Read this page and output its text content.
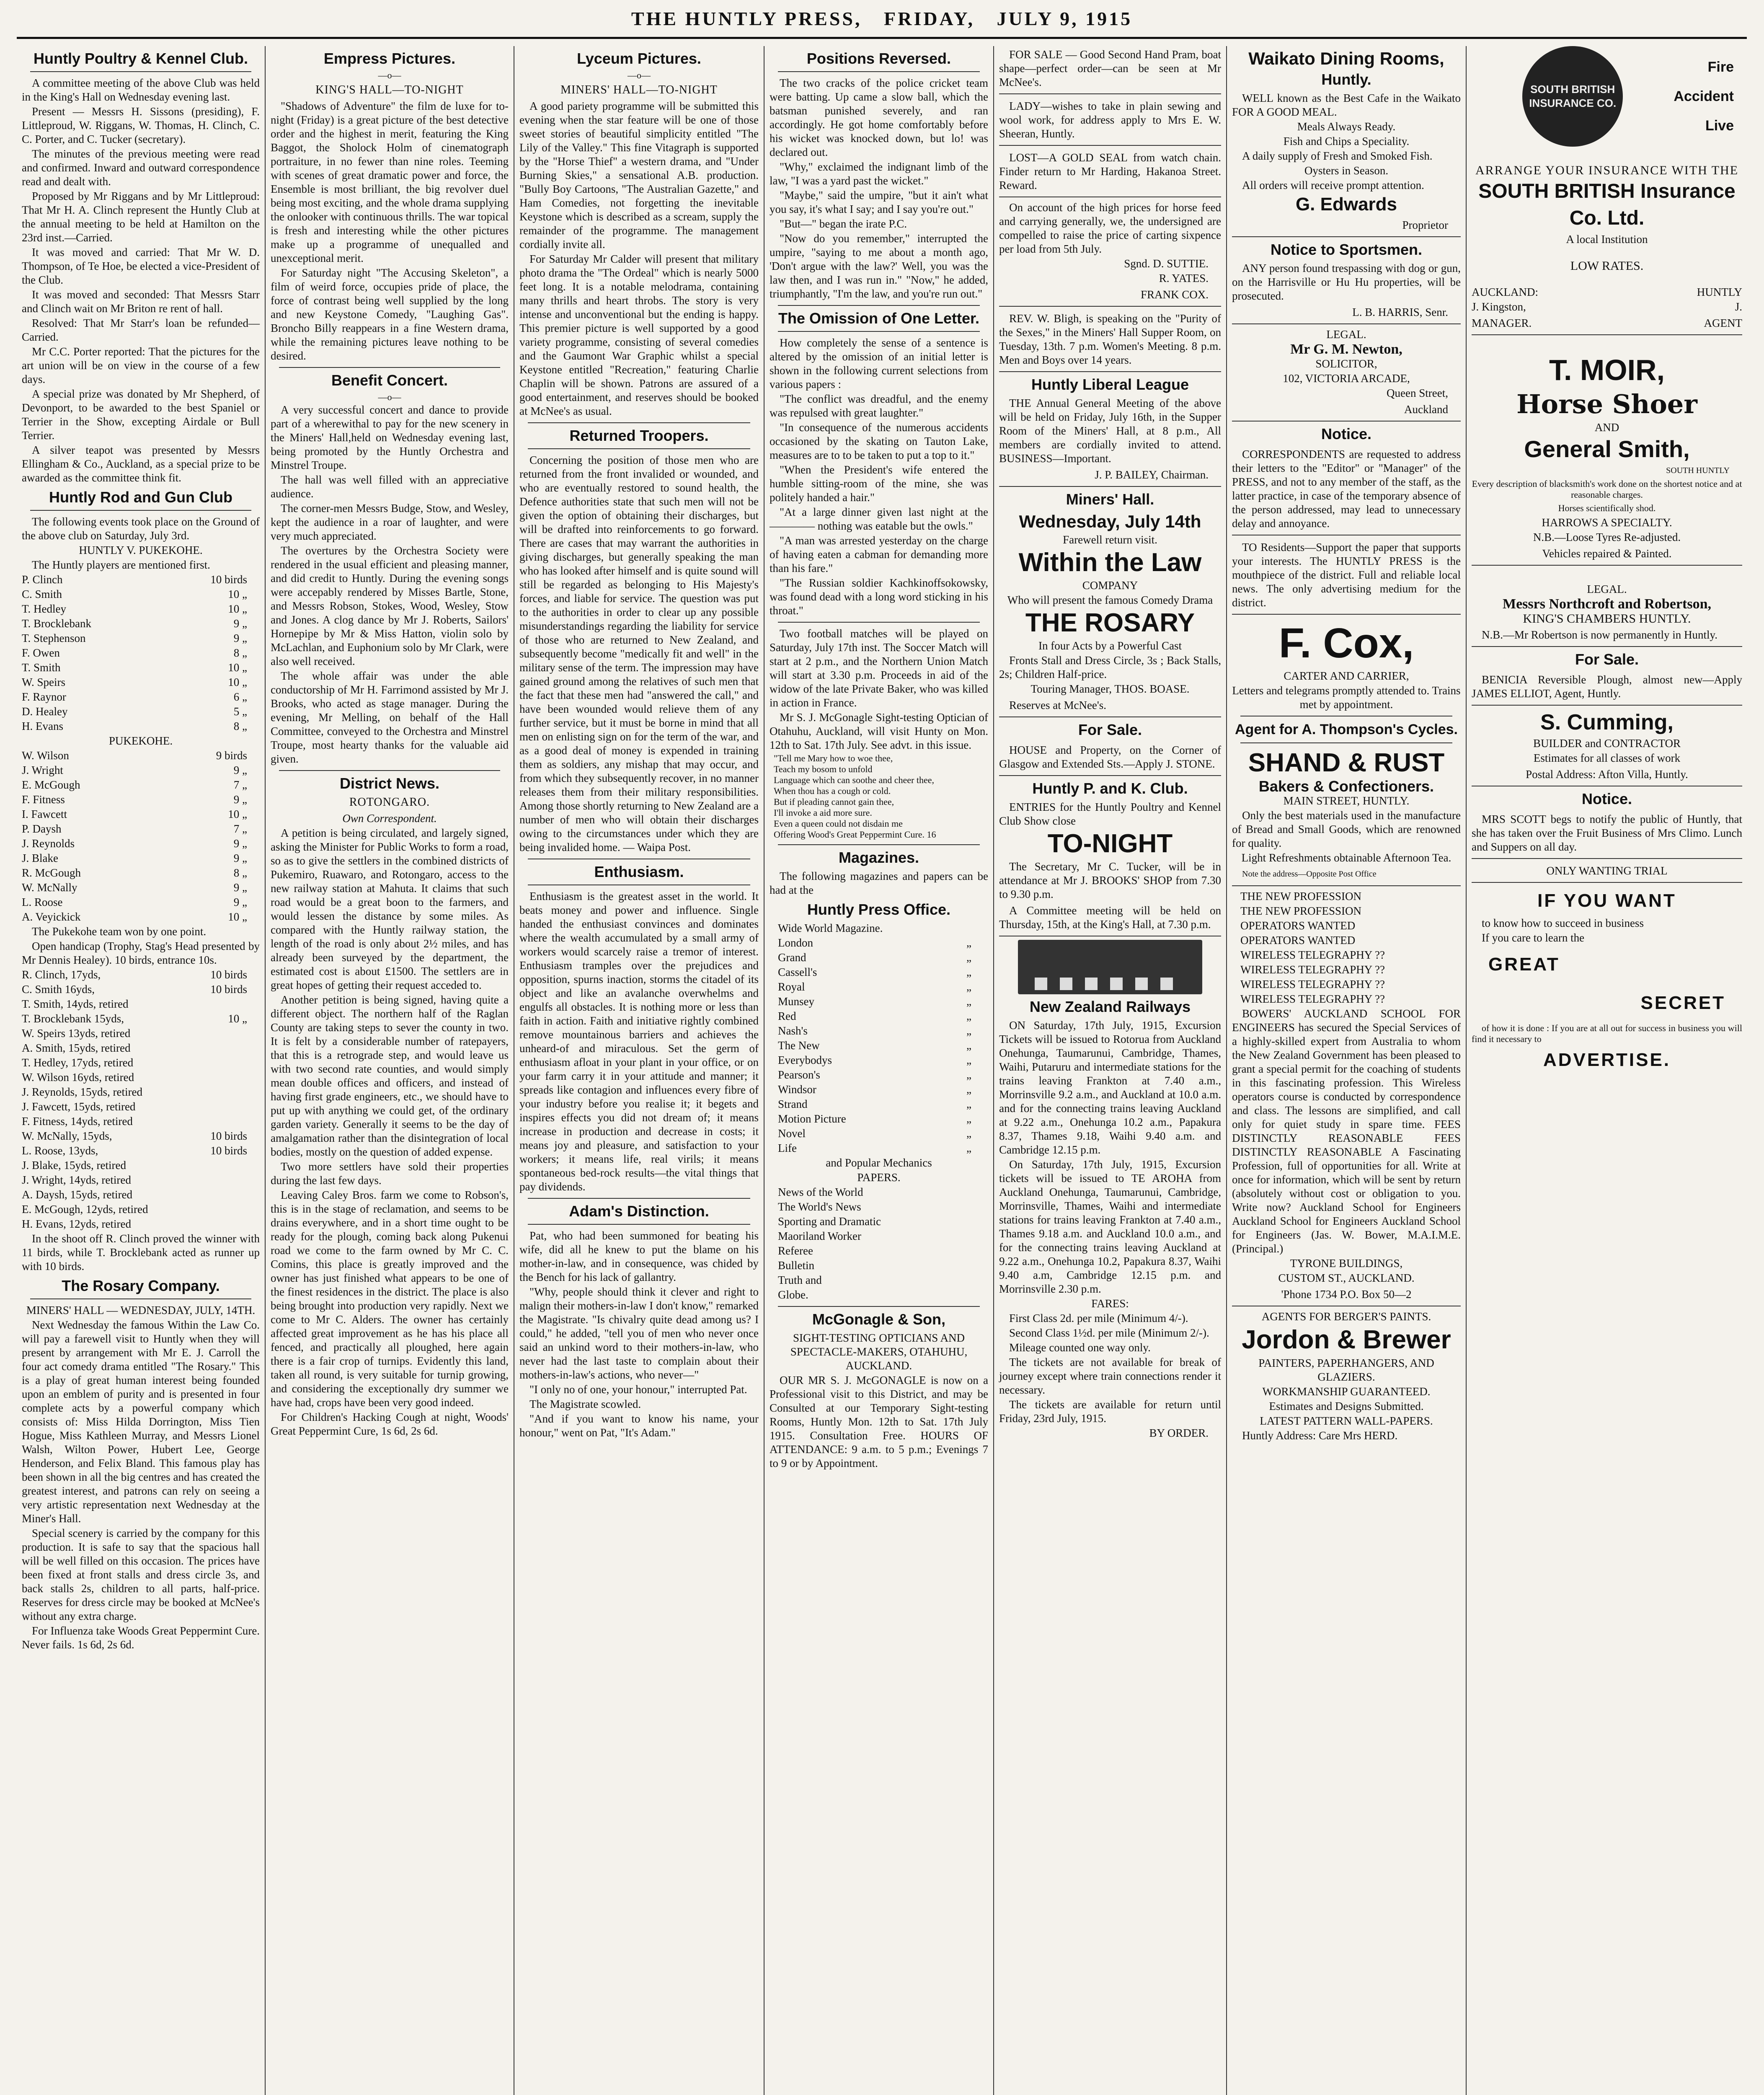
THE HUNTLY PRESS, FRIDAY, JULY 9, 1915
Huntly Poultry & Kennel Club.

A committee meeting of the above Club was held in the King's Hall on Wednesday evening last.

Present — Messrs H. Sissons (presiding), F. Littleproud, W. Riggans, W. Thomas, H. Clinch, C. C. Porter, and C. Tucker (secretary).

The minutes of the previous meeting were read and confirmed. Inward and outward correspondence read and dealt with.

Proposed by Mr Riggans and by Mr Littleproud: That Mr H. A. Clinch represent the Huntly Club at the annual meeting to be held at Hamilton on the 23rd inst.—Carried.

It was moved and carried: That Mr W. D. Thompson, of Te Hoe, be elected a vice-President of the Club.

It was moved and seconded: That Messrs Starr and Clinch wait on Mr Briton re rent of hall.

Resolved: That Mr Starr's loan be refunded—Carried.

Mr C.C. Porter reported: That the pictures for the art union will be on view in the course of a few days.

A special prize was donated by Mr Shepherd, of Devonport, to be awarded to the best Spaniel or Terrier in the Show, excepting Airdale or Bull Terrier.

A silver teapot was presented by Messrs Ellingham & Co., Auckland, as a special prize to be awarded as the committee think fit.

Huntly Rod and Gun Club

The following events took place on the Ground of the above club on Saturday, July 3rd.

HUNTLY V. PUKEKOHE.

The Huntly players are mentioned first.

P. Clinch	10 birds

C. Smith	10 „

T. Hedley	10 „

T. Brocklebank	9 „

T. Stephenson	9 „

F. Owen	8 „

T. Smith	10 „

W. Speirs	10 „

F. Raynor	6 „

D. Healey	5 „

H. Evans	8 „

PUKEKOHE.

W. Wilson	9 birds

J. Wright	9 „

E. McGough	7 „

F. Fitness	9 „

I. Fawcett	10 „

P. Daysh	7 „

J. Reynolds	9 „

J. Blake	9 „

R. McGough	8 „

W. McNally	9 „

L. Roose	9 „

A. Veyickick	10 „

The Pukekohe team won by one point.

Open handicap (Trophy, Stag's Head presented by Mr Dennis Healey). 10 birds, entrance 10s.

R. Clinch, 17yds,	10 birds

C. Smith 16yds,	10 birds

T. Smith, 14yds, retired

T. Brocklebank 15yds,	10 „

W. Speirs 13yds, retired

A. Smith, 15yds, retired

T. Hedley, 17yds, retired

W. Wilson 16yds, retired

J. Reynolds, 15yds, retired

J. Fawcett, 15yds, retired

F. Fitness, 14yds, retired

W. McNally, 15yds,	10 birds

L. Roose, 13yds,	10 birds

J. Blake, 15yds, retired

J. Wright, 14yds, retired

A. Daysh, 15yds, retired

E. McGough, 12yds, retired

H. Evans, 12yds, retired

In the shoot off R. Clinch proved the winner with 11 birds, while T. Brocklebank acted as runner up with 10 birds.

The Rosary Company.

MINERS' HALL — WEDNESDAY, JULY, 14TH.

Next Wednesday the famous Within the Law Co. will pay a farewell visit to Huntly when they will present by arrangement with Mr E. J. Carroll the four act comedy drama entitled "The Rosary." This is a play of great human interest being founded upon an emblem of purity and is presented in four complete acts by a powerful company which consists of: Miss Hilda Dorrington, Miss Tien Hogue, Miss Kathleen Murray, and Messrs Lionel Walsh, Wilton Power, Hubert Lee, George Henderson, and Felix Bland. This famous play has been shown in all the big centres and has created the greatest interest, and patrons can rely on seeing a very artistic representation next Wednesday at the Miner's Hall.

Special scenery is carried by the company for this production. It is safe to say that the spacious hall will be well filled on this occasion. The prices have been fixed at front stalls and dress circle 3s, and back stalls 2s, children to all parts, half-price. Reserves for dress circle may be booked at McNee's without any extra charge.

For Influenza take Woods Great Peppermint Cure. Never fails. 1s 6d, 2s 6d.

Empress Pictures.
—o—
KING'S HALL—TO-NIGHT

"Shadows of Adventure" the film de luxe for to-night (Friday) is a great picture of the best detective order and the highest in merit, featuring the King Baggot, the Sholock Holm of cinematograph portraiture, in no fewer than nine roles. Teeming with scenes of great dramatic power and force, the Ensemble is most brilliant, the big revolver duel being most exciting, and the whole drama supplying the onlooker with continuous thrills. The war topical is fresh and interesting while the other pictures make up a programme of unequalled and unexceptional merit.

For Saturday night "The Accusing Skeleton", a film of weird force, occupies pride of place, the force of contrast being well supplied by the long and new Keystone Comedy, "Laughing Gas". Broncho Billy reappears in a fine Western drama, while the remaining pictures leave nothing to be desired.

Benefit Concert.
—o—

A very successful concert and dance to provide part of a wherewithal to pay for the new scenery in the Miners' Hall,held on Wednesday evening last, being promoted by the Huntly Orchestra and Minstrel Troupe.

The hall was well filled with an appreciative audience.

The corner-men Messrs Budge, Stow, and Wesley, kept the audience in a roar of laughter, and were very much appreciated.

The overtures by the Orchestra Society were rendered in the usual efficient and pleasing manner, and did credit to Huntly. During the evening songs were accepably rendered by Misses Bartle, Stone, and Messrs Robson, Stokes, Wood, Wesley, Stow and Jones. A clog dance by Mr J. Roberts, Sailors' Hornepipe by Mr & Miss Hatton, violin solo by McLachlan, and Euphonium solo by Mr Clark, were also well received.

The whole affair was under the able conductorship of Mr H. Farrimond assisted by Mr J. Brooks, who acted as stage manager. During the evening, Mr Melling, on behalf of the Hall Committee, conveyed to the Orchestra and Minstrel Troupe, most hearty thanks for the valuable aid given.

District News.
ROTONGARO.

Own Correspondent.

A petition is being circulated, and largely signed, asking the Minister for Public Works to form a road, so as to give the settlers in the combined districts of Pukemiro, Ruawaro, and Rotongaro, access to the new railway station at Mahuta. It claims that such road would be a great boon to the farmers, and would lessen the distance by some miles. As compared with the Huntly railway station, the length of the road is only about 2½ miles, and has already been surveyed by the department, the estimated cost is about £1500. The settlers are in great hopes of getting their request acceded to.

Another petition is being signed, having quite a different object. The northern half of the Raglan County are taking steps to sever the county in two. It is felt by a considerable number of ratepayers, that this is a retrograde step, and would leave us with two second rate counties, and would simply mean double offices and officers, and instead of having first grade engineers, etc., we should have to put up with anything we could get, of the ordinary garden variety. Generally it seems to be the day of amalgamation rather than the disintegration of local bodies, mostly on the question of added expense.

Two more settlers have sold their properties during the last few days.

Leaving Caley Bros. farm we come to Robson's, this is in the stage of reclamation, and seems to be drains everywhere, and in a short time ought to be ready for the plough, coming back along Pukenui road we come to the farm owned by Mr C. C. Comins, this place is greatly improved and the owner has just finished what appears to be one of the finest residences in the district. The place is also being brought into production very rapidly. Next we come to Mr C. Alders. The owner has certainly affected great improvement as he has his place all fenced, and practically all ploughed, here again there is a fair crop of turnips. Evidently this land, taken all round, is very suitable for turnip growing, and considering the exceptionally dry summer we have had, crops have been very good indeed.

For Children's Hacking Cough at night, Woods' Great Peppermint Cure, 1s 6d, 2s 6d.

Lyceum Pictures.
—o—
MINERS' HALL—TO-NIGHT

A good pariety programme will be submitted this evening when the star feature will be one of those sweet stories of beautiful simplicity entitled "The Lily of the Valley." This fine Vitagraph is supported by the "Horse Thief" a western drama, and "Under Burning Skies," a sensational A.B. production. "Bully Boy Cartoons, "The Australian Gazette," and Ham Comedies, not forgetting the inevitable Keystone which is described as a scream, supply the remainder of the programme. The management cordially invite all.

For Saturday Mr Calder will present that military photo drama the "The Ordeal" which is nearly 5000 feet long. It is a notable melodrama, containing many thrills and heart throbs. The story is very intense and unconventional but the ending is happy. This premier picture is well supported by a good variety programme, consisting of several comedies and the Gaumont War Graphic whilst a special Keystone entitled "Recreation," featuring Charlie Chaplin will be shown. Patrons are assured of a good entertainment, and reserves should be booked at McNee's as usual.

Returned Troopers.

Concerning the position of those men who are returned from the front invalided or wounded, and who are eventually restored to sound health, the Defence authorities state that such men will not be given the option of obtaining their discharges, but will be drafted into reinforcements to go forward. There are cases that may warrant the authorities in giving discharges, but generally speaking the man who has looked after himself and is quite sound will still be regarded as belonging to His Majesty's forces, and liable for service. The question was put to the authorities in order to clear up any possible misunderstandings regarding the liability for service of those who are returned to New Zealand, and subsequently become "medically fit and well" in the military sense of the term. The impression may have gained ground among the relatives of such men that the fact that these men had "answered the call," and have been wounded would relieve them of any further service, but it must be borne in mind that all men on enlisting sign on for the term of the war, and as a good deal of money is expended in training them as soldiers, any mishap that may occur, and from which they subsequently recover, in no manner releases them from their military responsibilities. Among those shortly returning to New Zealand are a number of men who will obtain their discharges owing to the circumstances under which they are being invalided home. — Waipa Post.

Enthusiasm.

Enthusiasm is the greatest asset in the world. It beats money and power and influence. Single handed the enthusiast convinces and dominates where the wealth accumulated by a small army of workers would scarcely raise a tremor of interest. Enthusiasm tramples over the prejudices and opposition, spurns inaction, storms the citadel of its object and like an avalanche overwhelms and engulfs all obstacles. It is nothing more or less than faith in action. Faith and initiative rightly combined remove mountainous barriers and achieves the unheard-of and miraculous. Set the germ of enthusiasm afloat in your plant in your office, or on your farm carry it in your attitude and manner; it spreads like contagion and influences every fibre of your industry before you realise it; it begets and inspires effects you did not dream of; it means increase in production and decrease in costs; it means joy and pleasure, and satisfaction to your workers; it means life, real virils; it means spontaneous bed-rock results—the vital things that pay dividends.

Adam's Distinction.

Pat, who had been summoned for beating his wife, did all he knew to put the blame on his mother-in-law, and in consequence, was chided by the Bench for his lack of gallantry.

"Why, people should think it clever and right to malign their mothers-in-law I don't know," remarked the Magistrate. "Is chivalry quite dead among us? I could," he added, "tell you of men who never once said an unkind word to their mothers-in-law, who never had the last taste to complain about their mothers-in-law's actions, who never—"

"I only no of one, your honour," interrupted Pat.

The Magistrate scowled.

"And if you want to know his name, your honour," went on Pat, "It's Adam."

Positions Reversed.

The two cracks of the police cricket team were batting. Up came a slow ball, which the batsman punished severely, and ran accordingly. He got home comfortably before his wicket was knocked down, but lo! was declared out.

"Why," exclaimed the indignant limb of the law, "I was a yard past the wicket."

"Maybe," said the umpire, "but it ain't what you say, it's what I say; and I say you're out."

"But—" began the irate P.C.

"Now do you remember," interrupted the umpire, "saying to me about a month ago, 'Don't argue with the law?' Well, you was the law then, and I was run in." "Now," he added, triumphantly, "I'm the law, and you're run out."

The Omission of One Letter.

How completely the sense of a sentence is altered by the omission of an initial letter is shown in the following current selections from various papers :

"The conflict was dreadful, and the enemy was repulsed with great laughter."

"In consequence of the numerous accidents occasioned by the skating on Tauton Lake, measures are to to be taken to put a top to it."

"When the President's wife entered the humble sitting-room of the mine, she was politely handed a hair."

"At a large dinner given last night at the ———— nothing was eatable but the owls."

"A man was arrested yesterday on the charge of having eaten a cabman for demanding more than his fare."

"The Russian soldier Kachkinoffsokowsky, was found dead with a long word sticking in his throat."

Two football matches will be played on Saturday, July 17th inst. The Soccer Match will start at 2 p.m., and the Northern Union Match will start at 3.30 p.m. Proceeds in aid of the widow of the late Private Baker, who was killed in action in France.

Mr S. J. McGonagle Sight-testing Optician of Otahuhu, Auckland, will visit Hunty on Mon. 12th to Sat. 17th July. See advt. in this issue.

"Tell me Mary how to woe thee,
Teach my bosom to unfold
Language which can soothe and cheer thee,
When thou has a cough or cold.
But if pleading cannot gain thee,
I'll invoke a aid more sure.
Even a queen could not disdain me
Offering Wood's Great Peppermint Cure. 16
Magazines.

The following magazines and papers can be had at the

Huntly Press Office.

Wide World Magazine.

London	„

Grand	„

Cassell's	„

Royal	„

Munsey	„

Red	„

Nash's	„

The New	„

Everybodys	„

Pearson's	„

Windsor	„

Strand	„

Motion Picture	„

Novel	„

Life	„

and Popular Mechanics

PAPERS.

News of the World

The World's News

Sporting and Dramatic

Maoriland Worker

Referee

Bulletin

Truth and

Globe.

McGonagle & Son,

SIGHT-TESTING OPTICIANS AND SPECTACLE-MAKERS, OTAHUHU, AUCKLAND.

OUR MR S. J. McGONAGLE is now on a Professional visit to this District, and may be Consulted at our Temporary Sight-testing Rooms, Huntly Mon. 12th to Sat. 17th July 1915. Consultation Free. HOURS OF ATTENDANCE: 9 a.m. to 5 p.m.; Evenings 7 to 9 or by Appointment.

FOR SALE — Good Second Hand Pram, boat shape—perfect order—can be seen at Mr McNee's.

LADY—wishes to take in plain sewing and wool work, for address apply to Mrs E. W. Sheeran, Huntly.

LOST—A GOLD SEAL from watch chain. Finder return to Mr Harding, Hakanoa Street. Reward.

On account of the high prices for horse feed and carrying generally, we, the undersigned are compelled to raise the price of carting sixpence per load from 5th July.

Sgnd. D. SUTTIE.

R. YATES.

FRANK COX.

REV. W. Bligh, is speaking on the "Purity of the Sexes," in the Miners' Hall Supper Room, on Tuesday, 13th. 7 p.m. Women's Meeting. 8 p.m. Men and Boys over 14 years.

Huntly Liberal League

THE Annual General Meeting of the above will be held on Friday, July 16th, in the Supper Room of the Miners' Hall, at 8 p.m., All members are cordially invited to attend. BUSINESS—Important.

J. P. BAILEY, Chairman.

Miners' Hall.

Wednesday, July 14th

Farewell return visit.

Within the Law

COMPANY

Who will present the famous Comedy Drama

THE ROSARY

In four Acts by a Powerful Cast

Fronts Stall and Dress Circle, 3s ; Back Stalls, 2s; Children Half-price.

Touring Manager, THOS. BOASE.

Reserves at McNee's.

For Sale.

HOUSE and Property, on the Corner of Glasgow and Extended Sts.—Apply J. STONE.

Huntly P. and K. Club.

ENTRIES for the Huntly Poultry and Kennel Club Show close

TO-NIGHT

The Secretary, Mr C. Tucker, will be in attendance at Mr J. BROOKS' SHOP from 7.30 to 9.30 p.m.

A Committee meeting will be held on Thursday, 15th, at the King's Hall, at 7.30 p.m.

New Zealand Railways

ON Saturday, 17th July, 1915, Excursion Tickets will be issued to Rotorua from Auckland Onehunga, Taumarunui, Cambridge, Thames, Waihi, Putaruru and intermediate stations for the trains leaving Frankton at 7.40 a.m., Morrinsville 9.2 a.m., and Auckland at 10.0 a.m. and for the connecting trains leaving Auckland at 9.22 a.m., Onehunga 10.2 a.m., Papakura 8.37, Thames 9.18, Waihi 9.40 a.m. and Cambridge 12.15 p.m.

On Saturday, 17th July, 1915, Excursion tickets will be issued to TE AROHA from Auckland Onehunga, Taumarunui, Cambridge, Morrinsville, Thames, Waihi and intermediate stations for trains leaving Frankton at 7.40 a.m., Thames 9.18 a.m. and Auckland 10.0 a.m., and for the connecting trains leaving Auckland at 9.22 a.m., Onehunga 10.2, Papakura 8.37, Waihi 9.40 a.m, Cambridge 12.15 p.m. and Morrinsville 2.30 p.m.

FARES:

First Class 2d. per mile (Minimum 4/-).

Second Class 1½d. per mile (Minimum 2/-).

Mileage counted one way only.

The tickets are not available for break of journey except where train connections render it necessary.

The tickets are available for return until Friday, 23rd July, 1915.

BY ORDER.

Waikato Dining Rooms,
Huntly.

WELL known as the Best Cafe in the Waikato FOR A GOOD MEAL.

Meals Always Ready.

Fish and Chips a Speciality.

A daily supply of Fresh and Smoked Fish.

Oysters in Season.

All orders will receive prompt attention.

G. Edwards

Proprietor

Notice to Sportsmen.

ANY person found trespassing with dog or gun, on the Harrisville or Hu Hu properties, will be prosecuted.

L. B. HARRIS, Senr.

LEGAL.

Mr G. M. Newton,

SOLICITOR,

102, VICTORIA ARCADE,

Queen Street,

Auckland

Notice.

CORRESPONDENTS are requested to address their letters to the "Editor" or "Manager" of the PRESS, and not to any member of the staff, as the latter practice, in case of the temporary absence of the person addressed, may lead to unnecessary delay and annoyance.

TO Residents—Support the paper that supports your interests. The HUNTLY PRESS is the mouthpiece of the district. Full and reliable local news. The only advertising medium for the district.

F. Cox,

CARTER AND CARRIER,

Letters and telegrams promptly attended to. Trains met by appointment.

Agent for A. Thompson's Cycles.

SHAND & RUST

Bakers & Confectioners.

MAIN STREET, HUNTLY.

Only the best materials used in the manufacture of Bread and Small Goods, which are renowned for quality.

Light Refreshments obtainable Afternoon Tea.

Note the address—Opposite Post Office

THE NEW PROFESSION

THE NEW PROFESSION

OPERATORS WANTED

OPERATORS WANTED

WIRELESS TELEGRAPHY ??

WIRELESS TELEGRAPHY ??

WIRELESS TELEGRAPHY ??

WIRELESS TELEGRAPHY ??

BOWERS' AUCKLAND SCHOOL FOR ENGINEERS has secured the Special Services of a highly-skilled expert from Australia to whom the New Zealand Government has been pleased to grant a special permit for the coaching of students in this fascinating profession. This Wireless operators course is conducted by correspondence and class. The lessons are simplified, and call only for quiet study in spare time. FEES DISTINCTLY REASONABLE FEES DISTINCTLY REASONABLE A Fascinating Profession, full of opportunities for all. Write at once for information, which will be sent by return (absolutely without cost or obligation to you. Write now? Auckland School for Engineers Auckland School for Engineers Auckland School for Engineers (Jas. W. Bower, M.A.I.M.E. (Principal.)

TYRONE BUILDINGS,

CUSTOM ST., AUCKLAND.

'Phone 1734 P.O. Box 50—2

AGENTS FOR BERGER'S PAINTS.

Jordon & Brewer

PAINTERS, PAPERHANGERS, AND GLAZIERS.

WORKMANSHIP GUARANTEED.

Estimates and Designs Submitted.

LATEST PATTERN WALL-PAPERS.

Huntly Address: Care Mrs HERD.

SOUTH BRITISH INSURANCE CO.
Fire
Accident
Live

ARRANGE YOUR INSURANCE WITH THE

SOUTH BRITISH Insurance Co. Ltd.

A local Institution

LOW RATES.

AUCKLAND:	HUNTLY

J. Kingston,	J.

MANAGER.	AGENT

T. MOIR,

Horse Shoer

AND

General Smith,

SOUTH HUNTLY

Every description of blacksmith's work done on the shortest notice and at reasonable charges.

Horses scientifically shod.

HARROWS A SPECIALTY.

N.B.—Loose Tyres Re-adjusted.

Vehicles repaired & Painted.

LEGAL.

Messrs Northcroft and Robertson,

KING'S CHAMBERS HUNTLY.

N.B.—Mr Robertson is now permanently in Huntly.

For Sale.

BENICIA Reversible Plough, almost new—Apply JAMES ELLIOT, Agent, Huntly.

S. Cumming,

BUILDER and CONTRACTOR

Estimates for all classes of work

Postal Address: Afton Villa, Huntly.

Notice.

MRS SCOTT begs to notify the public of Huntly, that she has taken over the Fruit Business of Mrs Climo. Lunch and Suppers on all day.

ONLY WANTING TRIAL

IF YOU WANT

to know how to succeed in business

If you care to learn the

GREAT

SECRET

of how it is done : If you are at all out for success in business you will find it necessary to

ADVERTISE.
